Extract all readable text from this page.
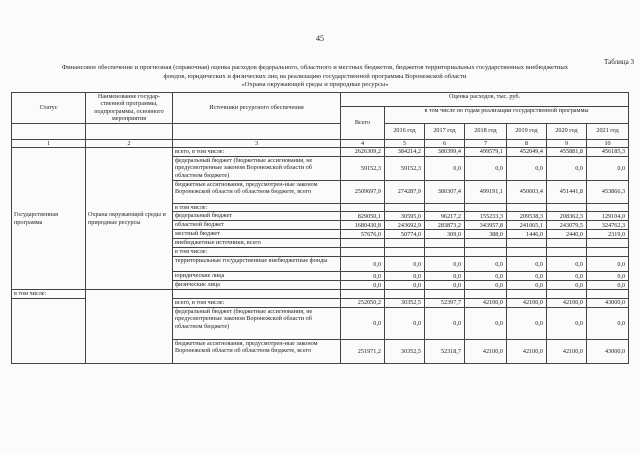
45
Таблица 3
Финансовое обеспечение и прогнозная (справочная) оценка расходов федерального, областного и местных бюджетов, бюджетов территориальных государственных внебюджетных
фондов, юридических и физических лиц на реализацию государственной программы Воронежской области
«Охрана окружающей среды и природные ресурсы»
Статус	Наименование государ-ственной программы, подпрограммы, основного мероприятия	Источники ресурсного обеспечения	Оценка расходов, тыс. руб.						
			Всего	в том числе по годам реализации государственной программы					
				2016 год	2017 год	2018 год	2019 год	2020 год	2021 год
1	2	3	4	5	6	7	8	9	10
Государственная программа	Охрана окружающей среды и природные ресурсы	всего, в том числе:	2626309,2	384214,2	380399,4	499579,1	452049,4	455881,8	456185,3
		федеральный бюджет (бюджетные ассигнования, не предусмотренные законом Воронежской области об областном бюджете)	59152,3	59152,3	0,0	0,0	0,0	0,0	0,0
		бюджетные ассигнования, предусмотрен-ные законом Воронежской области об областном бюджете, всего	2509697,9	274287,9	380307,4	499191,1	450603,4	451441,8	453866,3
		в том числе:							
		федеральный бюджет	829050,1	30595,0	96217,2	155233,3	209538,3	208362,3	129104,0
		областной бюджет	1680430,8	243692,9	283873,2	343957,8	241065,1	243079,5	324762,3
		местный бюджет	57676,0	50774,0	309,0	388,0	1446,0	2440,0	2319,0
		внебюджетные источники, всего							
		в том числе:							
		территориальные государственные внебюджетные фонды	0,0	0,0	0,0	0,0	0,0	0,0	0,0
		юридические лица	0,0	0,0	0,0	0,0	0,0	0,0	0,0
		физические лица	0,0	0,0	0,0	0,0	0,0	0,0	0,0
в том числе:									
		всего, в том числе:	252050,2	30352,5	52397,7	42100,0	42100,0	42100,0	43000,0
		федеральный бюджет (бюджетные ассигнования, не предусмотренные законом Воронежской области об областном бюджете)	0,0	0,0	0,0	0,0	0,0	0,0	0,0
		бюджетные ассигнования, предусмотрен-ные законом Воронежской области об областном бюджете, всего	251971,2	30352,5	52318,7	42100,0	42100,0	42100,0	43000,0
